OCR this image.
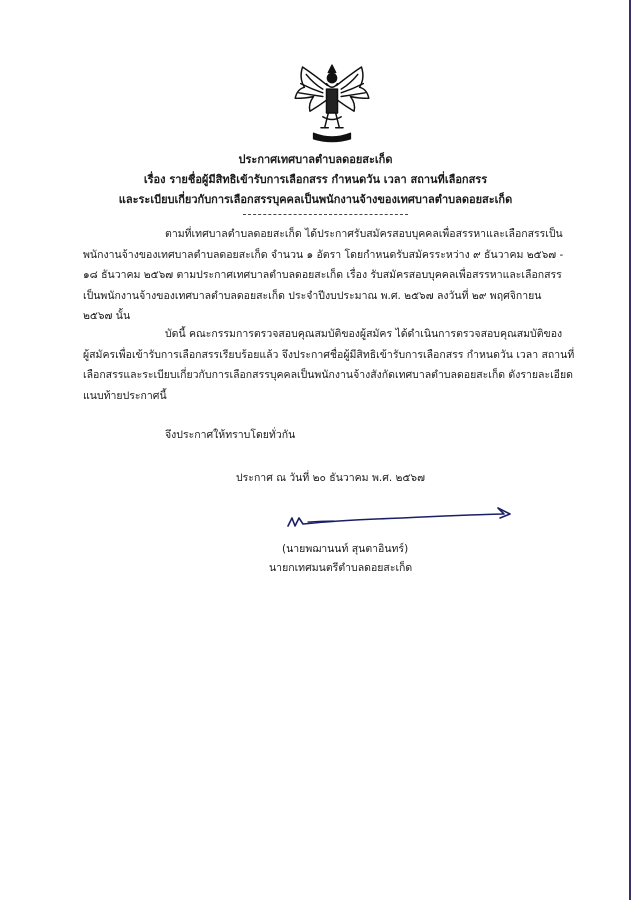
ประกาศเทศบาลตำบลดอยสะเก็ด
เรื่อง รายชื่อผู้มีสิทธิเข้ารับการเลือกสรร กำหนดวัน เวลา สถานที่เลือกสรร
และระเบียบเกี่ยวกับการเลือกสรรบุคคลเป็นพนักงานจ้างของเทศบาลตำบลดอยสะเก็ด
ตามที่เทศบาลตำบลดอยสะเก็ด ได้ประกาศรับสมัครสอบบุคคลเพื่อสรรหาและเลือกสรรเป็น
พนักงานจ้างของเทศบาลตำบลดอยสะเก็ด จำนวน ๑ อัตรา โดยกำหนดรับสมัครระหว่าง ๙ ธันวาคม ๒๕๖๗ -
๑๘ ธันวาคม ๒๕๖๗ ตามประกาศเทศบาลตำบลดอยสะเก็ด เรื่อง รับสมัครสอบบุคคลเพื่อสรรหาและเลือกสรร
เป็นพนักงานจ้างของเทศบาลตำบลดอยสะเก็ด ประจำปีงบประมาณ พ.ศ. ๒๕๖๗ ลงวันที่ ๒๙ พฤศจิกายน
๒๕๖๗ นั้น
บัดนี้ คณะกรรมการตรวจสอบคุณสมบัติของผู้สมัคร ได้ดำเนินการตรวจสอบคุณสมบัติของ
ผู้สมัครเพื่อเข้ารับการเลือกสรรเรียบร้อยแล้ว จึงประกาศชื่อผู้มีสิทธิเข้ารับการเลือกสรร กำหนดวัน เวลา สถานที่
เลือกสรรและระเบียบเกี่ยวกับการเลือกสรรบุคคลเป็นพนักงานจ้างสังกัดเทศบาลตำบลดอยสะเก็ด ดังรายละเอียด
แนบท้ายประกาศนี้
จึงประกาศให้ทราบโดยทั่วกัน
ประกาศ ณ วันที่ ๒๐ ธันวาคม พ.ศ. ๒๕๖๗
(นายพฌานนท์ สุนตาอินทร์)
นายกเทศมนตรีตำบลดอยสะเก็ด
